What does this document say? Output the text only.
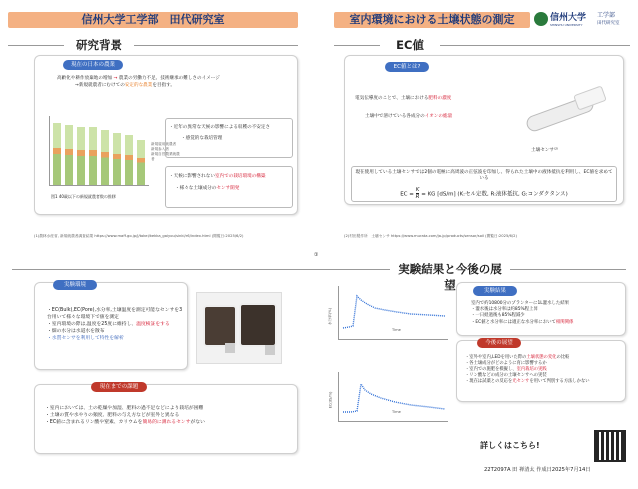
信州大学工学部　田代研究室
研究背景
現在の日本の農業
高齢化や耕作放棄地の増加 → 農業の労働力不足、技術継承の難しさのイメージ
→新規就農者にむけての安定的な農業を目指す。
新規雇用就農者
新規参入者
新規自営農業就農者
図1 40歳以下の新規就農者数の推移
・近年の異常な天候の影響による収穫の不安定さ
・感覚的な栽培管理
・天候に影響されない室内での栽培環境の構築
・様々な土壌成分のセンサ開発
(1)農林水産省, 新規就農者調査結果 https://www.maff.go.jp/j/tokei/kekka_gaiyou/sinki/r6/index.html (閲覧日:2025/6/2)
室内環境における土壌状態の測定	信州大学
SHINSHU UNIVERSITY
工学部
田代研究室
EC値
EC値とは?
電気伝導度のことで、土壌における肥料の濃度
土壌中で溶けている各成分のイオンの総量
土壌センサ⁽²⁾
現在使用している土壌センサでは2個の電極に高周波の正弦波を印加し、得られた土壌中の液体抵抗を利用し、EC値を求めている
EC = $\frac{K}{R}$ = KG [dS/m] (K:セル定数, R:液体抵抗, G:コンダクタンス)
(2)村田製作所　土壌センサ https://www.murata.com/ja-jp/products/sensor/soil (閲覧日:2025/6/2)
①
実験結果と今後の展望
実験環境
・EC(Bulk),EC(Pore),水分率,土壌温度を測定可能なセンサを3台用いて様々な環境下で値を測定
・室内環境の際は,温度を25度に維持し、温度検証をする
・畑の水分は水道水を散布
・水質センサを利用して特性を解析
現在までの課題
・室内においては、土の乾燥や加湿、肥料の過不足などにより栽培が困難
・土壌の質や水やりの頻度、肥料の与え方などが室外と異なる
・EC値に含まれるリン酸や窒素、カリウムを簡易的に測れるセンサがない
水分率(%)
Time
EC(dS/m)
Time
実験結果
室内で約10800分のプランターに1L灌水した結果
・灌水後は水分率は約85%程上昇
・一日経過後も85%程減少
・EC値と水分率には適正な水分率において相関関係
今後の展望
・室外や室内,LEDを用いた際の土壌状態の変化の比較
・各土壌成分がどのように育に影響するか
・室内での施肥を模擬し、室内栽培の実践
・リン酸などの成分の土壌センサへの実装
・現在は試薬との反応を光センサを用いて判別する方法しかない
詳しくはこちら!
22T2097A 田 禅清太 作成日2025年7月14日
